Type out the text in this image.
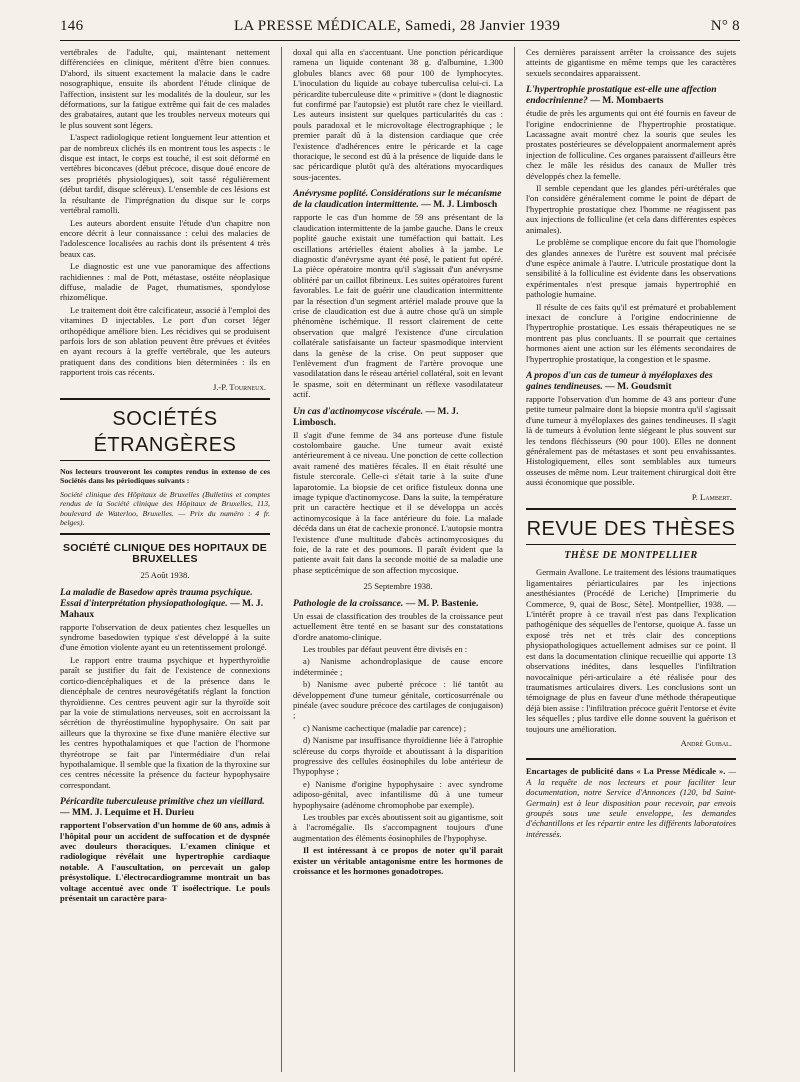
146	LA PRESSE MÉDICALE, Samedi, 28 Janvier 1939	N° 8

vertébrales de l'adulte, qui, maintenant nettement différenciées en clinique, méritent d'être bien connues. D'abord, ils situent exactement la malacie dans le cadre nosographique, ensuite ils abordent l'étude clinique de l'affection, insistent sur les modalités de la douleur, sur les déformations, sur la fatigue extrême qui fait de ces malades des grabataires, autant que les troubles nerveux moteurs qui le plus souvent sont légers.

L'aspect radiologique retient longuement leur attention et par de nombreux clichés ils en montrent tous les aspects : le disque est intact, le corps est touché, il est soit déformé en vertèbres biconcaves (début précoce, disque doué encore de ses propriétés physiologiques), soit tassé régulièrement (début tardif, disque scléreux). L'ensemble de ces lésions est la résultante de l'imprégnation du disque sur le corps vertébral ramolli.

Les auteurs abordent ensuite l'étude d'un chapitre non encore décrit à leur connaissance : celui des malacies de l'adolescence localisées au rachis dont ils présentent 4 très beaux cas.

Le diagnostic est une vue panoramique des affections rachidiennes : mal de Pott, métastase, ostéite néoplasique diffuse, maladie de Paget, rhumatismes, spondylose rhizomélique.

Le traitement doit être calcificateur, associé à l'emploi des vitamines D injectables. Le port d'un corset léger orthopédique améliore bien. Les récidives qui se produisent parfois lors de son ablation peuvent être prévues et évitées en ayant recours à la greffe vertébrale, que les auteurs pratiquent dans des conditions bien déterminées : ils en rapportent trois cas récents.

J.-P. Tourneux.

SOCIÉTÉS ÉTRANGÈRES

Nos lecteurs trouveront les comptes rendus in extenso de ces Sociétés dans les périodiques suivants :

Société clinique des Hôpitaux de Bruxelles (Bulletins et comptes rendus de la Société clinique des Hôpitaux de Bruxelles, 113, boulevard de Waterloo, Bruxelles. — Prix du numéro : 4 fr. belges).

SOCIÉTÉ CLINIQUE DES HOPITAUX DE BRUXELLES

25 Août 1938.

La maladie de Basedow après trauma psychique. Essai d'interprétation physiopathologique. — M. J. Mahaux

rapporte l'observation de deux patientes chez lesquelles un syndrome basedowien typique s'est développé à la suite d'une émotion violente ayant eu un retentissement prolongé.

Le rapport entre trauma psychique et hyperthyroïdie paraît se justifier du fait de l'existence de connexions cortico-diencéphaliques et de la présence dans le diencéphale de centres neurovégétatifs réglant la fonction thyroïdienne. Ces centres peuvent agir sur la thyroïde soit par la voie de stimulations nerveuses, soit en accroissant la sécrétion de thyréostimuline hypophysaire. On sait par ailleurs que la thyroxine se fixe d'une manière élective sur les centres hypothalamiques et que l'action de l'hormone thyréotrope se fait par l'intermédiaire d'un relai hypothalamique. Il semble que la fixation de la thyroxine sur ces centres nécessite la présence du facteur hypophysaire correspondant.

Péricardite tuberculeuse primitive chez un vieillard. — MM. J. Lequime et H. Durieu

rapportent l'observation d'un homme de 60 ans, admis à l'hôpital pour un accident de suffocation et de dyspnée avec douleurs thoraciques. L'examen clinique et radiologique révélait une hypertrophie cardiaque notable. A l'auscultation, on percevait un galop présystolique. L'électrocardiogramme montrait un bas voltage accentué avec onde T isoélectrique. Le pouls présentait un caractère para-

doxal qui alla en s'accentuant. Une ponction péricardique ramena un liquide contenant 38 g. d'albumine, 1.300 globules blancs avec 68 pour 100 de lymphocytes. L'inoculation du liquide au cobaye tuberculisa celui-ci. La péricardite tuberculeuse dite « primitive » (dont le diagnostic fut confirmé par l'autopsie) est plutôt rare chez le vieillard. Les auteurs insistent sur quelques particularités du cas : pouls paradoxal et le microvoltage électrographique ; le premier paraît dû à la distension cardiaque que crée l'existence d'adhérences entre le péricarde et la cage thoracique, le second est dû à la présence de liquide dans le sac péricardique plutôt qu'à des altérations myocardiques sous-jacentes.

Anévrysme poplité. Considérations sur le mécanisme de la claudication intermittente. — M. J. Limbosch

rapporte le cas d'un homme de 59 ans présentant de la claudication intermittente de la jambe gauche. Dans le creux poplité gauche existait une tuméfaction qui battait. Les oscillations artérielles étaient abolies à la jambe. Le diagnostic d'anévrysme ayant été posé, le patient fut opéré. La pièce opératoire montra qu'il s'agissait d'un anévrysme oblitéré par un caillot fibrineux. Les suites opératoires furent favorables. Le fait de guérir une claudication intermittente par la résection d'un segment artériel malade prouve que la crise de claudication est due à autre chose qu'à un simple phénomène ischémique. Il ressort clairement de cette observation que malgré l'existence d'une circulation collatérale satisfaisante un facteur spasmodique intervient dans la genèse de la crise. On peut supposer que l'enlèvement d'un fragment de l'artère provoque une vasodilatation dans le réseau artériel collatéral, soit en levant le spasme, soit en déterminant un réflexe vasodilatateur actif.

Un cas d'actinomycose viscérale. — M. J. Limbosch.

Il s'agit d'une femme de 34 ans porteuse d'une fistule costolombaire gauche. Une tumeur avait existé antérieurement à ce niveau. Une ponction de cette collection avait ramené des matières fécales. Il en était résulté une fistule stercorale. Celle-ci s'était tarie à la suite d'une laparotomie. La biopsie de cet orifice fistuleux donna une image typique d'actinomycose. Dans la suite, la température prit un caractère hectique et il se développa un accès actinomycosique à la face antérieure du foie. La malade décéda dans un état de cachexie prononcé. L'autopsie montra l'existence d'une multitude d'abcès actinomycosiques du foie, de la rate et des poumons. Il paraît évident que la patiente avait fait dans la seconde moitié de sa maladie une phase septicémique de son affection mycosique.

25 Septembre 1938.

Pathologie de la croissance. — M. P. Bastenie.

Un essai de classification des troubles de la croissance peut actuellement être tenté en se basant sur des constatations d'ordre anatomo-clinique.

Les troubles par défaut peuvent être divisés en :

a) Nanisme achondroplasique de cause encore indéterminée ;

b) Nanisme avec puberté précoce : lié tantôt au développement d'une tumeur génitale, corticosurrénale ou pinéale (avec soudure précoce des cartilages de conjugaison) ;

c) Nanisme cachectique (maladie par carence) ;

d) Nanisme par insuffisance thyroïdienne liée à l'atrophie scléreuse du corps thyroïde et aboutissant à la disparition progressive des cellules éosinophiles du lobe antérieur de l'hypophyse ;

e) Nanisme d'origine hypophysaire : avec syndrome adiposo-génital, avec infantilisme dû à une tumeur hypophysaire (adénome chromophobe par exemple).

Les troubles par excès aboutissent soit au gigantisme, soit à l'acromégalie. Ils s'accompagnent toujours d'une augmentation des éléments éosinophiles de l'hypophyse.

Il est intéressant à ce propos de noter qu'il paraît exister un véritable antagonisme entre les hormones de croissance et les hormones gonadotropes.

Ces dernières paraissent arrêter la croissance des sujets atteints de gigantisme en même temps que les caractères sexuels secondaires apparaissent.

L'hypertrophie prostatique est-elle une affection endocrinienne? — M. Mombaerts

étudie de près les arguments qui ont été fournis en faveur de l'origine endocrinienne de l'hypertrophie prostatique. Lacassagne avait montré chez la souris que seules les prostates postérieures se développaient anormalement après injection de folliculine. Ces organes paraissent d'ailleurs être chez le mâle les résidus des canaux de Muller très développés chez la femelle.

Il semble cependant que les glandes péri-urétérales que l'on considère généralement comme le point de départ de l'hypertrophie prostatique chez l'homme ne réagissent pas aux injections de folliculine (et cela dans différentes espèces animales).

Le problème se complique encore du fait que l'homologie des glandes annexes de l'urètre est souvent mal précisée d'une espèce animale à l'autre. L'utricule prostatique dont la sensibilité à la folliculine est évidente dans les observations expérimentales n'est presque jamais hypertrophié en pathologie humaine.

Il résulte de ces faits qu'il est prématuré et probablement inexact de conclure à l'origine endocrinienne de l'hypertrophie prostatique. Les essais thérapeutiques ne se montrent pas plus concluants. Il se pourrait que certaines hormones aient une action sur les éléments secondaires de l'hypertrophie prostatique, la congestion et le spasme.

A propos d'un cas de tumeur à myéloplaxes des gaines tendineuses. — M. Goudsmit

rapporte l'observation d'un homme de 43 ans porteur d'une petite tumeur palmaire dont la biopsie montra qu'il s'agissait d'une tumeur à myéloplaxes des gaines tendineuses. Il s'agit là de tumeurs à évolution lente siégeant le plus souvent sur les tendons fléchisseurs (90 pour 100). Elles ne donnent généralement pas de métastases et sont peu envahissantes. Histologiquement, elles sont semblables aux tumeurs osseuses de même nom. Leur traitement chirurgical doit être aussi économique que possible.

P. Lambert.

REVUE DES THÈSES
THÈSE DE MONTPELLIER

Germain Avallone. Le traitement des lésions traumatiques ligamentaires périarticulaires par les injections anesthésiantes (Procédé de Leriche) [Imprimerie du Commerce, 9, quai de Bosc, Sète]. Montpellier, 1938. — L'intérêt propre à ce travail n'est pas dans l'explication pathogénique des séquelles de l'entorse, quoique A. fasse un exposé très net et très clair des conceptions physiopathologiques actuellement admises sur ce point. Il est dans la documentation clinique recueillie qui apporte 13 observations inédites, dans lesquelles l'infiltration novocaïnique péri-articulaire a été réalisée pour des traumatismes articulaires divers. Les conclusions sont un témoignage de plus en faveur d'une méthode thérapeutique déjà bien assise : l'infiltration précoce guérit l'entorse et évite les séquelles ; plus tardive elle donne souvent la guérison et toujours une amélioration.

André Guibal.

Encartages de publicité dans « La Presse Médicale ». — A la requête de nos lecteurs et pour faciliter leur documentation, notre Service d'Annonces (120, bd Saint-Germain) est à leur disposition pour recevoir, par envois groupés sous une seule enveloppe, les demandes d'échantillons et les répartir entre les différents laboratoires intéressés.
